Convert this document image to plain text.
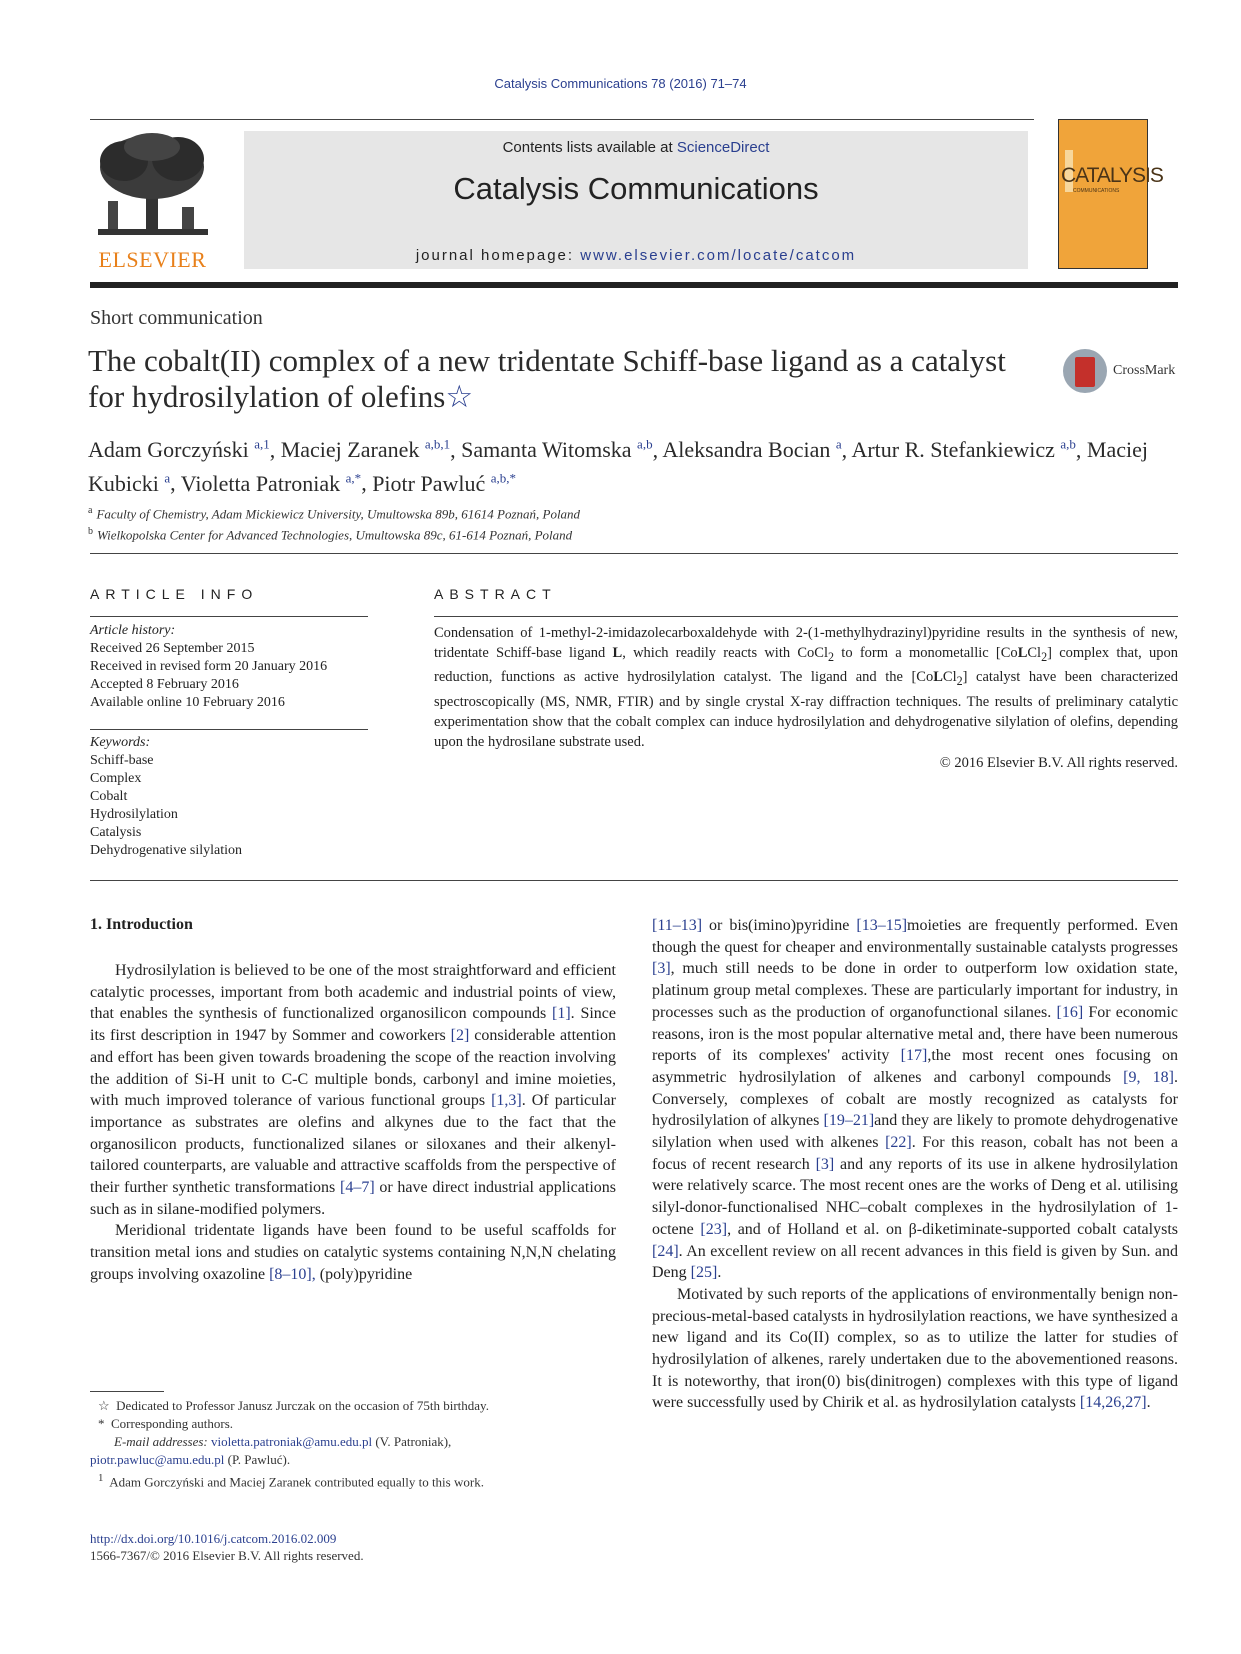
Catalysis Communications 78 (2016) 71–74
ELSEVIER
Contents lists available at ScienceDirect
Catalysis Communications
journal homepage: www.elsevier.com/locate/catcom
CATALYSIS
COMMUNICATIONS
Short communication
The cobalt(II) complex of a new tridentate Schiff-base ligand as a catalyst for hydrosilylation of olefins☆
CrossMark
Adam Gorczyński $^{a,1}$, Maciej Zaranek $^{a,b,1}$, Samanta Witomska $^{a,b}$, Aleksandra Bocian $^a$, Artur R. Stefankiewicz $^{a,b}$, Maciej Kubicki $^a$, Violetta Patroniak $^{a,*}$, Piotr Pawluć $^{a,b,*}$
$^a$ Faculty of Chemistry, Adam Mickiewicz University, Umultowska 89b, 61614 Poznań, Poland
$^b$ Wielkopolska Center for Advanced Technologies, Umultowska 89c, 61-614 Poznań, Poland
ARTICLE INFO
Article history:
Received 26 September 2015
Received in revised form 20 January 2016
Accepted 8 February 2016
Available online 10 February 2016
Keywords:
Schiff-base
Complex
Cobalt
Hydrosilylation
Catalysis
Dehydrogenative silylation
ABSTRACT
Condensation of 1-methyl-2-imidazolecarboxaldehyde with 2-(1-methylhydrazinyl)pyridine results in the synthesis of new, tridentate Schiff-base ligand L, which readily reacts with CoCl$_2$ to form a monometallic [CoLCl$_2$] complex that, upon reduction, functions as active hydrosilylation catalyst. The ligand and the [CoLCl$_2$] catalyst have been characterized spectroscopically (MS, NMR, FTIR) and by single crystal X-ray diffraction techniques. The results of preliminary catalytic experimentation show that the cobalt complex can induce hydrosilylation and dehydrogenative silylation of olefins, depending upon the hydrosilane substrate used.
© 2016 Elsevier B.V. All rights reserved.
1. Introduction

Hydrosilylation is believed to be one of the most straightforward and efficient catalytic processes, important from both academic and industrial points of view, that enables the synthesis of functionalized organosilicon compounds [1]. Since its first description in 1947 by Sommer and coworkers [2] considerable attention and effort has been given towards broadening the scope of the reaction involving the addition of Si-H unit to C-C multiple bonds, carbonyl and imine moieties, with much improved tolerance of various functional groups [1,3]. Of particular importance as substrates are olefins and alkynes due to the fact that the organosilicon products, functionalized silanes or siloxanes and their alkenyl-tailored counterparts, are valuable and attractive scaffolds from the perspective of their further synthetic transformations [4–7] or have direct industrial applications such as in silane-modified polymers.

Meridional tridentate ligands have been found to be useful scaffolds for transition metal ions and studies on catalytic systems containing N,N,N chelating groups involving oxazoline [8–10], (poly)pyridine

[11–13] or bis(imino)pyridine [13–15]moieties are frequently performed. Even though the quest for cheaper and environmentally sustainable catalysts progresses [3], much still needs to be done in order to outperform low oxidation state, platinum group metal complexes. These are particularly important for industry, in processes such as the production of organofunctional silanes. [16] For economic reasons, iron is the most popular alternative metal and, there have been numerous reports of its complexes' activity [17],the most recent ones focusing on asymmetric hydrosilylation of alkenes and carbonyl compounds [9, 18]. Conversely, complexes of cobalt are mostly recognized as catalysts for hydrosilylation of alkynes [19–21]and they are likely to promote dehydrogenative silylation when used with alkenes [22]. For this reason, cobalt has not been a focus of recent research [3] and any reports of its use in alkene hydrosilylation were relatively scarce. The most recent ones are the works of Deng et al. utilising silyl-donor-functionalised NHC–cobalt complexes in the hydrosilylation of 1-octene [23], and of Holland et al. on β-diketiminate-supported cobalt catalysts [24]. An excellent review on all recent advances in this field is given by Sun. and Deng [25].

Motivated by such reports of the applications of environmentally benign non-precious-metal-based catalysts in hydrosilylation reactions, we have synthesized a new ligand and its Co(II) complex, so as to utilize the latter for studies of hydrosilylation of alkenes, rarely undertaken due to the abovementioned reasons. It is noteworthy, that iron(0) bis(dinitrogen) complexes with this type of ligand were successfully used by Chirik et al. as hydrosilylation catalysts [14,26,27].

☆ Dedicated to Professor Janusz Jurczak on the occasion of 75th birthday.
* Corresponding authors.
E-mail addresses: violetta.patroniak@amu.edu.pl (V. Patroniak),
piotr.pawluc@amu.edu.pl (P. Pawluć).
$^1$ Adam Gorczyński and Maciej Zaranek contributed equally to this work.
http://dx.doi.org/10.1016/j.catcom.2016.02.009
1566-7367/© 2016 Elsevier B.V. All rights reserved.
